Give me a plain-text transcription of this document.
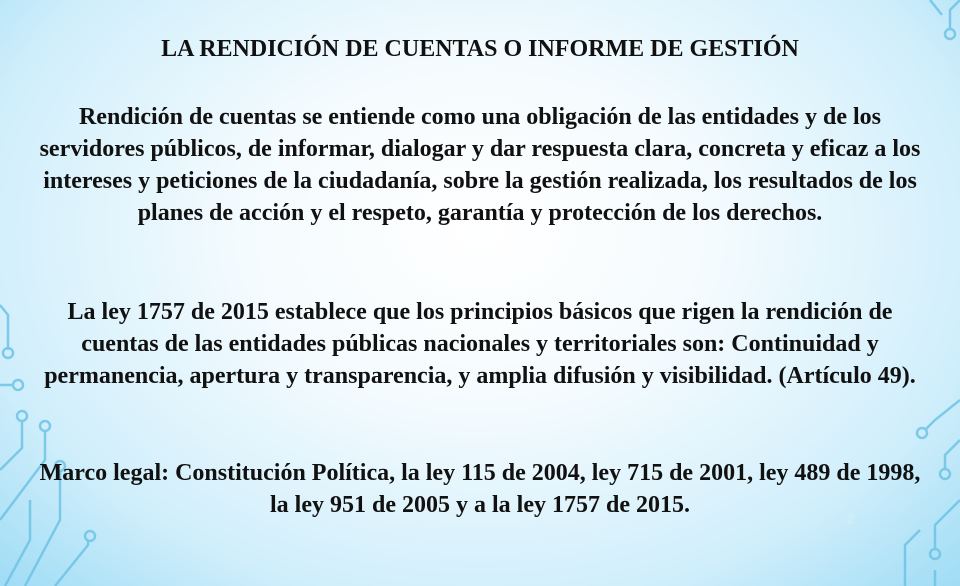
LA RENDICIÓN DE CUENTAS O INFORME DE GESTIÓN

Rendición de cuentas se entiende como una obligación de las entidades y de los servidores públicos, de informar, dialogar y dar respuesta clara, concreta y eficaz a los intereses y peticiones de la ciudadanía, sobre la gestión realizada, los resultados de los planes de acción y el respeto, garantía y protección de los derechos.

La ley 1757 de 2015 establece que los principios básicos que rigen la rendición de cuentas de las entidades públicas nacionales y territoriales son: Continuidad y permanencia, apertura y transparencia, y amplia difusión y visibilidad. (Artículo 49).

Marco legal: Constitución Política, la ley 115 de 2004, ley 715 de 2001, ley 489 de 1998, la ley 951 de 2005 y a la ley 1757 de 2015.

2
